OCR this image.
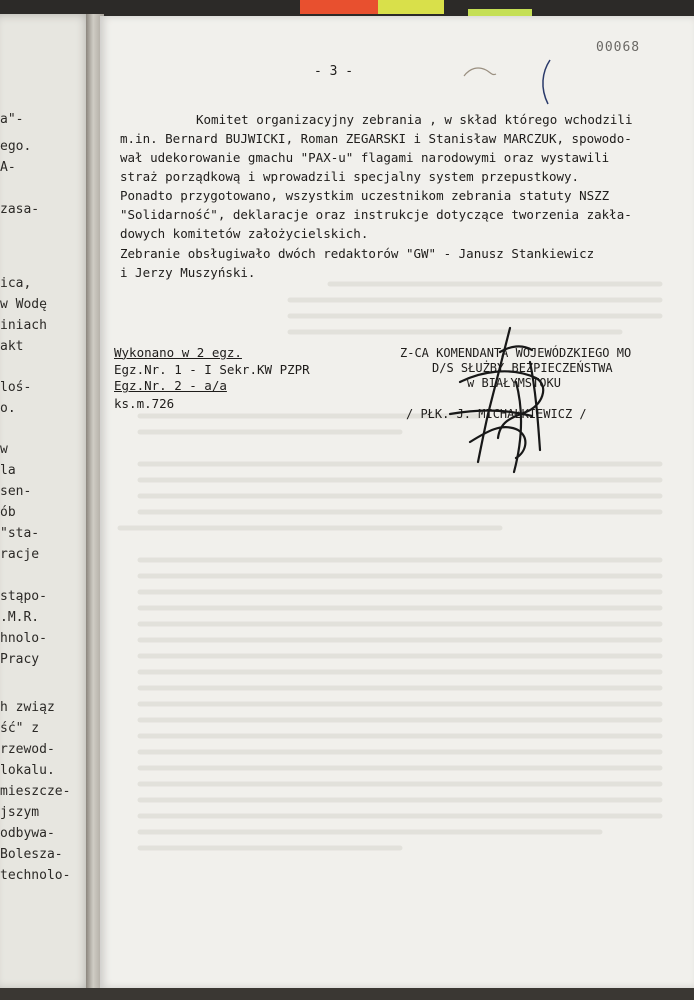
a"-
ego.
A-
zasa-
ica,
w Wodę
iniach
akt
loś-
o.
w
la
sen-
ób
"sta-
racje
stąpo-
.M.R.
hnolo-
Pracy
h związ
ść" z
rzewod-
lokalu.
mieszcze-
jszym
odbywa-
Bolesza-
technolo-
00068
- 3 -
Komitet organizacyjny zebrania , w skład którego wchodzili
m.in. Bernard BUJWICKI, Roman ZEGARSKI i Stanisław MARCZUK, spowodo-
wał udekorowanie gmachu "PAX-u" flagami narodowymi oraz wystawili
straż porządkową i wprowadzili specjalny system przepustkowy.
Ponadto przygotowano, wszystkim uczestnikom zebrania statuty NSZZ
"Solidarność", deklaracje oraz instrukcje dotyczące tworzenia zakła-
dowych komitetów założycielskich.
Zebranie obsługiwało dwóch redaktorów "GW" - Janusz Stankiewicz
i Jerzy Muszyński.
Wykonano w 2 egz.
Egz.Nr. 1 - I Sekr.KW PZPR
Egz.Nr. 2 - a/a
ks.m.726
Z-CA KOMENDANTA WOJEWÓDZKIEGO MO
D/S SŁUŻBY BEZPIECZEŃSTWA
w BIAŁYMSTOKU
/ PŁK. J. MICHAŁKIEWICZ /
